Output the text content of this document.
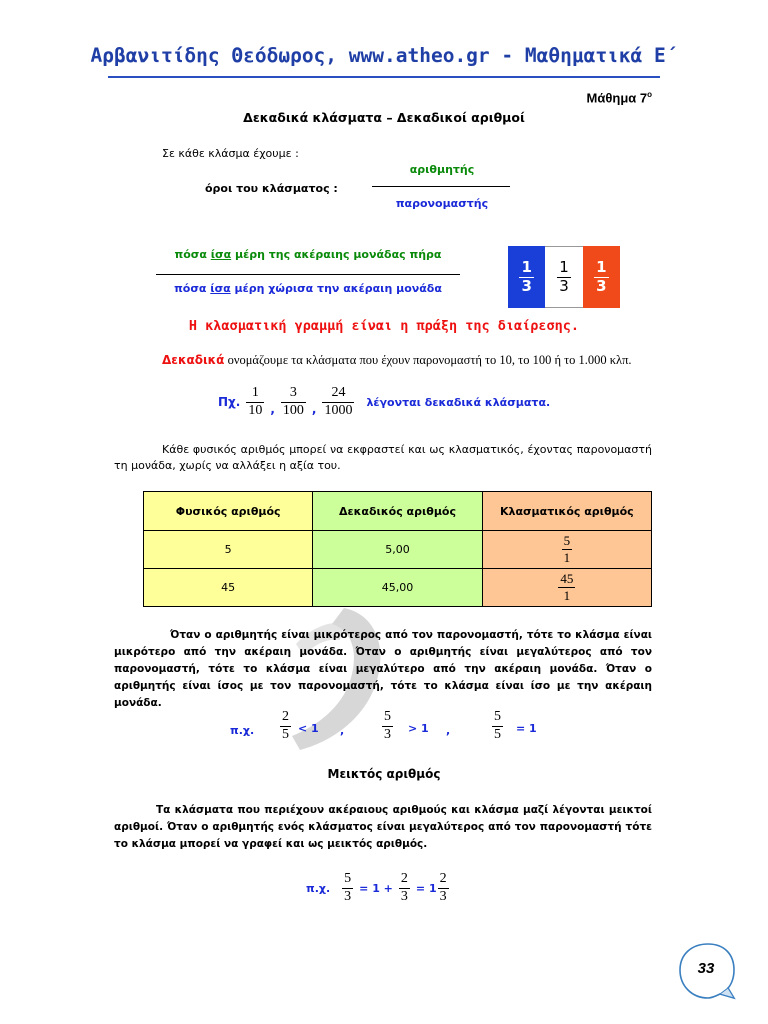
Αρβανιτίδης Θεόδωρος, www.atheo.gr - Μαθηματικά Ε΄
Μάθημα $7^o$
Δεκαδικά κλάσματα – Δεκαδικοί αριθμοί
Σε κάθε κλάσμα έχουμε :
όροι του κλάσματος :
αριθμητής
παρονομαστής
πόσα ίσα μέρη της ακέραιης μονάδας πήρα
πόσα ίσα μέρη χώρισα την ακέραιη μονάδα	$\frac{1}{3} \frac{1}{3} \frac{1}{3}$
Η κλασματική γραμμή είναι η πράξη της διαίρεσης.
Δεκαδικά ονομάζουμε τα κλάσματα που έχουν παρονομαστή το 10, το 100 ή το 1.000 κλπ.
Πχ. $\frac{1}{10}$ , $\frac{3}{100}$ , $\frac{24}{1000}$ λέγονται δεκαδικά κλάσματα.
Κάθε φυσικός αριθμός μπορεί να εκφραστεί και ως κλασματικός, έχοντας παρονομαστή τη μονάδα, χωρίς να αλλάξει η αξία του.
Φυσικός αριθμός	Δεκαδικός αριθμός	Κλασματικός αριθμός
5	5,00	$\frac{5}{1}$

45	45,00	$\frac{45}{1}$
Όταν ο αριθμητής είναι μικρότερος από τον παρονομαστή, τότε το κλάσμα είναι μικρότερο από την ακέραιη μονάδα. Όταν ο αριθμητής είναι μεγαλύτερος από τον παρονομαστή, τότε το κλάσμα είναι μεγαλύτερο από την ακέραιη μονάδα. Όταν ο αριθμητής είναι ίσος με τον παρονομαστή, τότε το κλάσμα είναι ίσο με την ακέραιη μονάδα.
π.χ. $\frac{2}{5} < 1$ ,	$\frac{5}{3} > 1$ ,	$\frac{5}{5} = 1$
Μεικτός αριθμός
Τα κλάσματα που περιέχουν ακέραιους αριθμούς και κλάσμα μαζί λέγονται μεικτοί αριθμοί. Όταν ο αριθμητής ενός κλάσματος είναι μεγαλύτερος από τον παρονομαστή τότε το κλάσμα μπορεί να γραφεί και ως μεικτός αριθμός.
π.χ. $\frac{5}{3} = 1 + \frac{2}{3} = 1 \frac{2}{3}$
33
